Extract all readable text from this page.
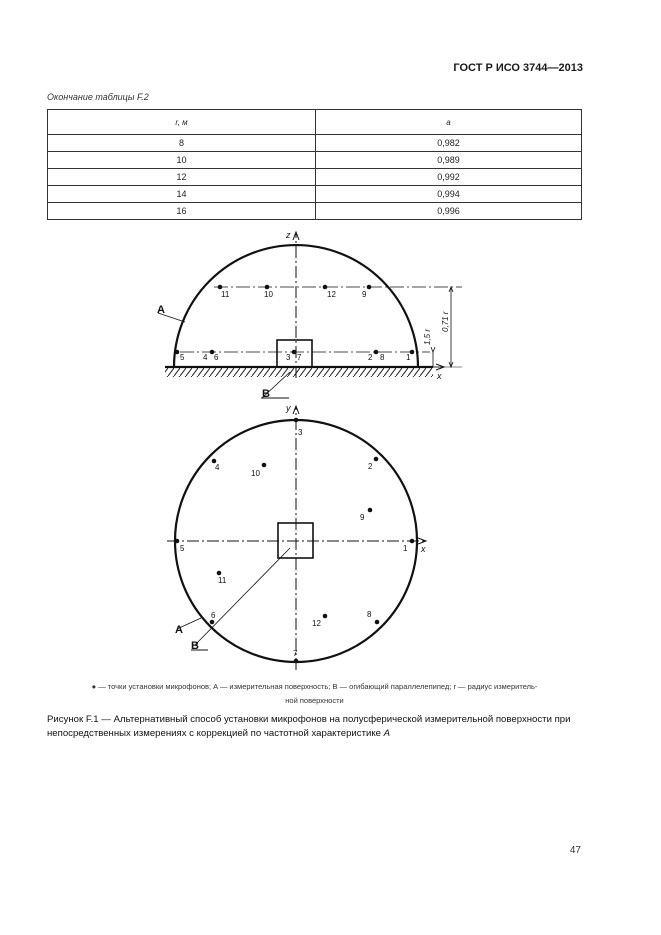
ГОСТ Р ИСО 3744—2013
Окончание таблицы F.2
r, м	a
8	0,982
10	0,989
12	0,992
14	0,994
16	0,996
z
x
A
B
11	10	12	9
5 4 6	3 7	2 8	1
1,5 r
0,71 r
y
x
A
B
3
4
10
2
9
5	1
11
6
12
8
7
● — точки установки микрофонов; A — измерительная поверхность; B — огибающий параллелепипед; r — радиус измеритель-
ной поверхности
Рисунок F.1 — Альтернативный способ установки микрофонов на полусферической измерительной поверхности при непосредственных измерениях с коррекцией по частотной характеристике A
47
